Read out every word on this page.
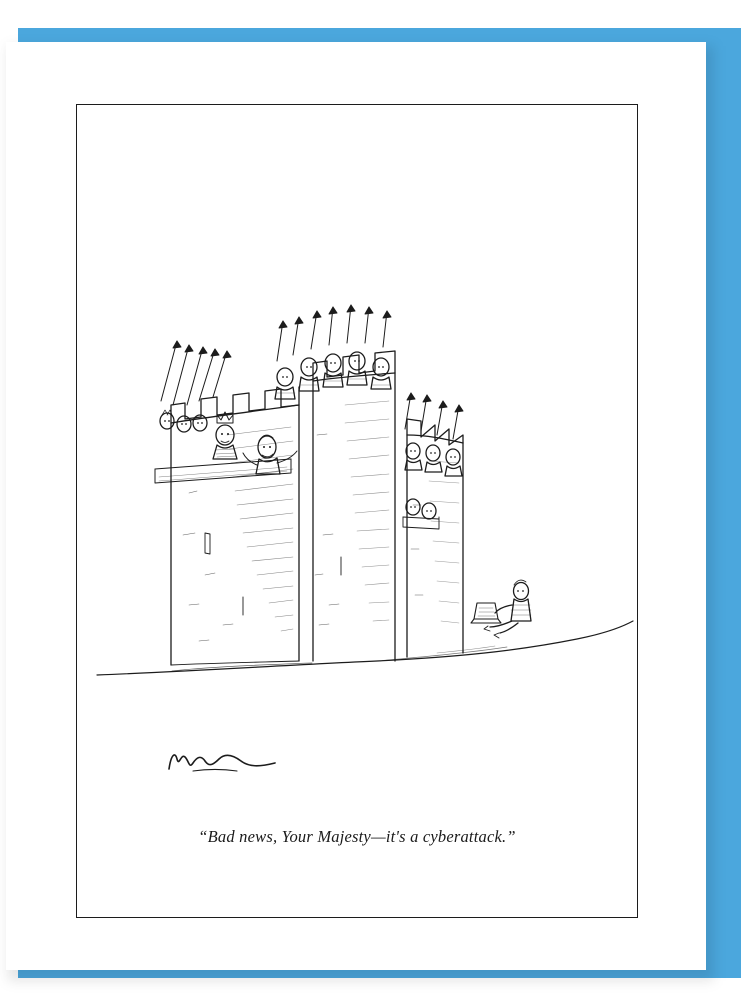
“Bad news, Your Majesty—it's a cyberattack.”
